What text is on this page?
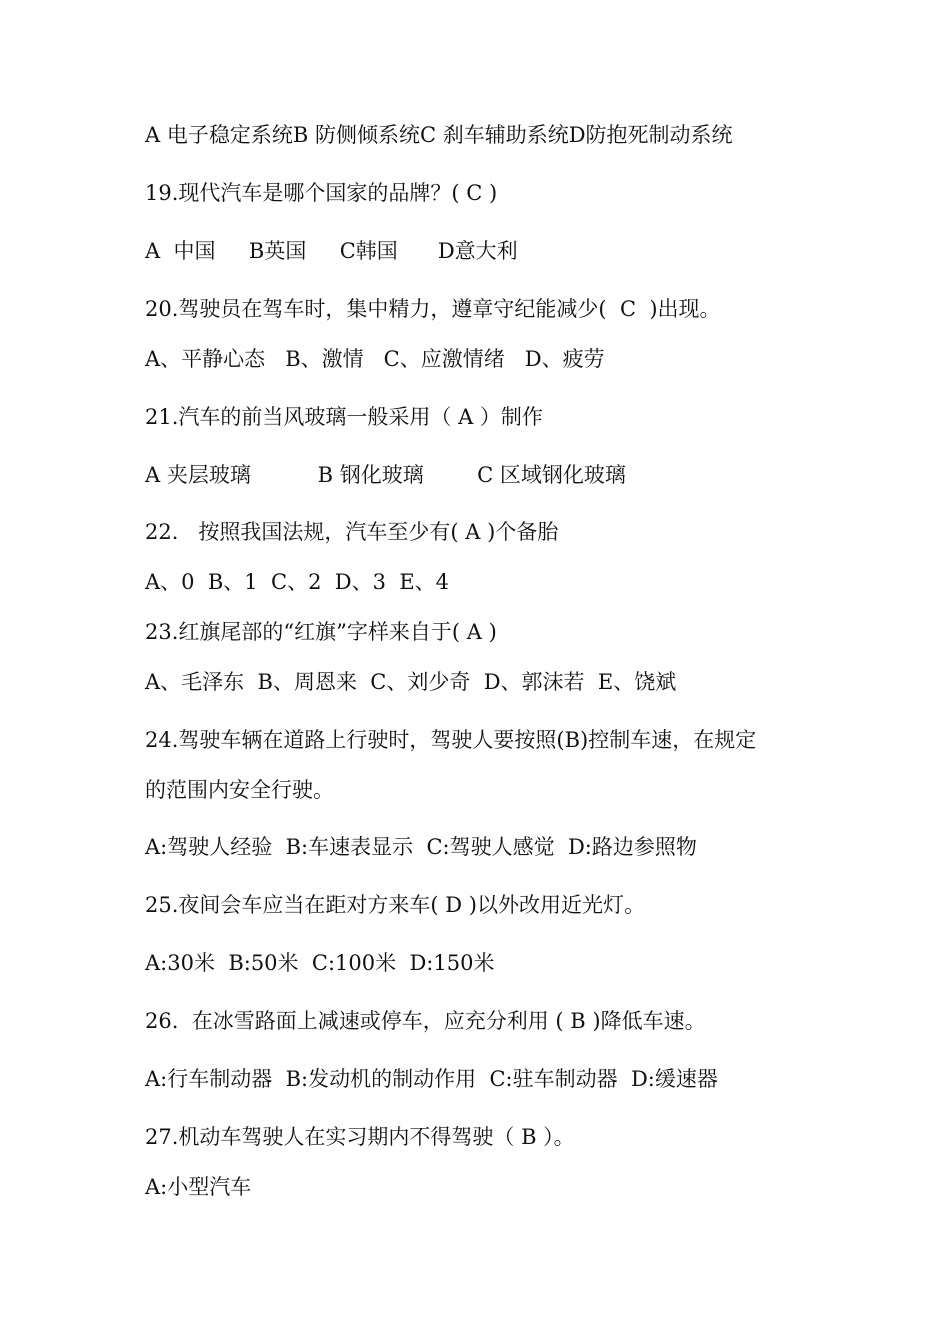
A 电子稳定系统B 防侧倾系统C 刹车辅助系统D防抱死制动系统
19.现代汽车是哪个国家的品牌？( C )
A  中国     B英国     C韩国      D意大利
20.驾驶员在驾车时，集中精力，遵章守纪能减少(  C  )出现。
A、平静心态   B、激情   C、应激情绪   D、疲劳
21.汽车的前当风玻璃一般采用（ A ）制作
A 夹层玻璃          B 钢化玻璃        C 区域钢化玻璃
22.   按照我国法规，汽车至少有( A )个备胎
A、0  B、1  C、2  D、3  E、4
23.红旗尾部的“红旗”字样来自于( A )
A、毛泽东  B、周恩来  C、刘少奇  D、郭沫若  E、饶斌
24.驾驶车辆在道路上行驶时，驾驶人要按照(B)控制车速，在规定
的范围内安全行驶。
A:驾驶人经验  B:车速表显示  C:驾驶人感觉  D:路边参照物
25.夜间会车应当在距对方来车( D )以外改用近光灯。
A:30米  B:50米  C:100米  D:150米
26.  在冰雪路面上减速或停车，应充分利用 ( B )降低车速。
A:行车制动器  B:发动机的制动作用  C:驻车制动器  D:缓速器
27.机动车驾驶人在实习期内不得驾驶（ B ）。
A:小型汽车
